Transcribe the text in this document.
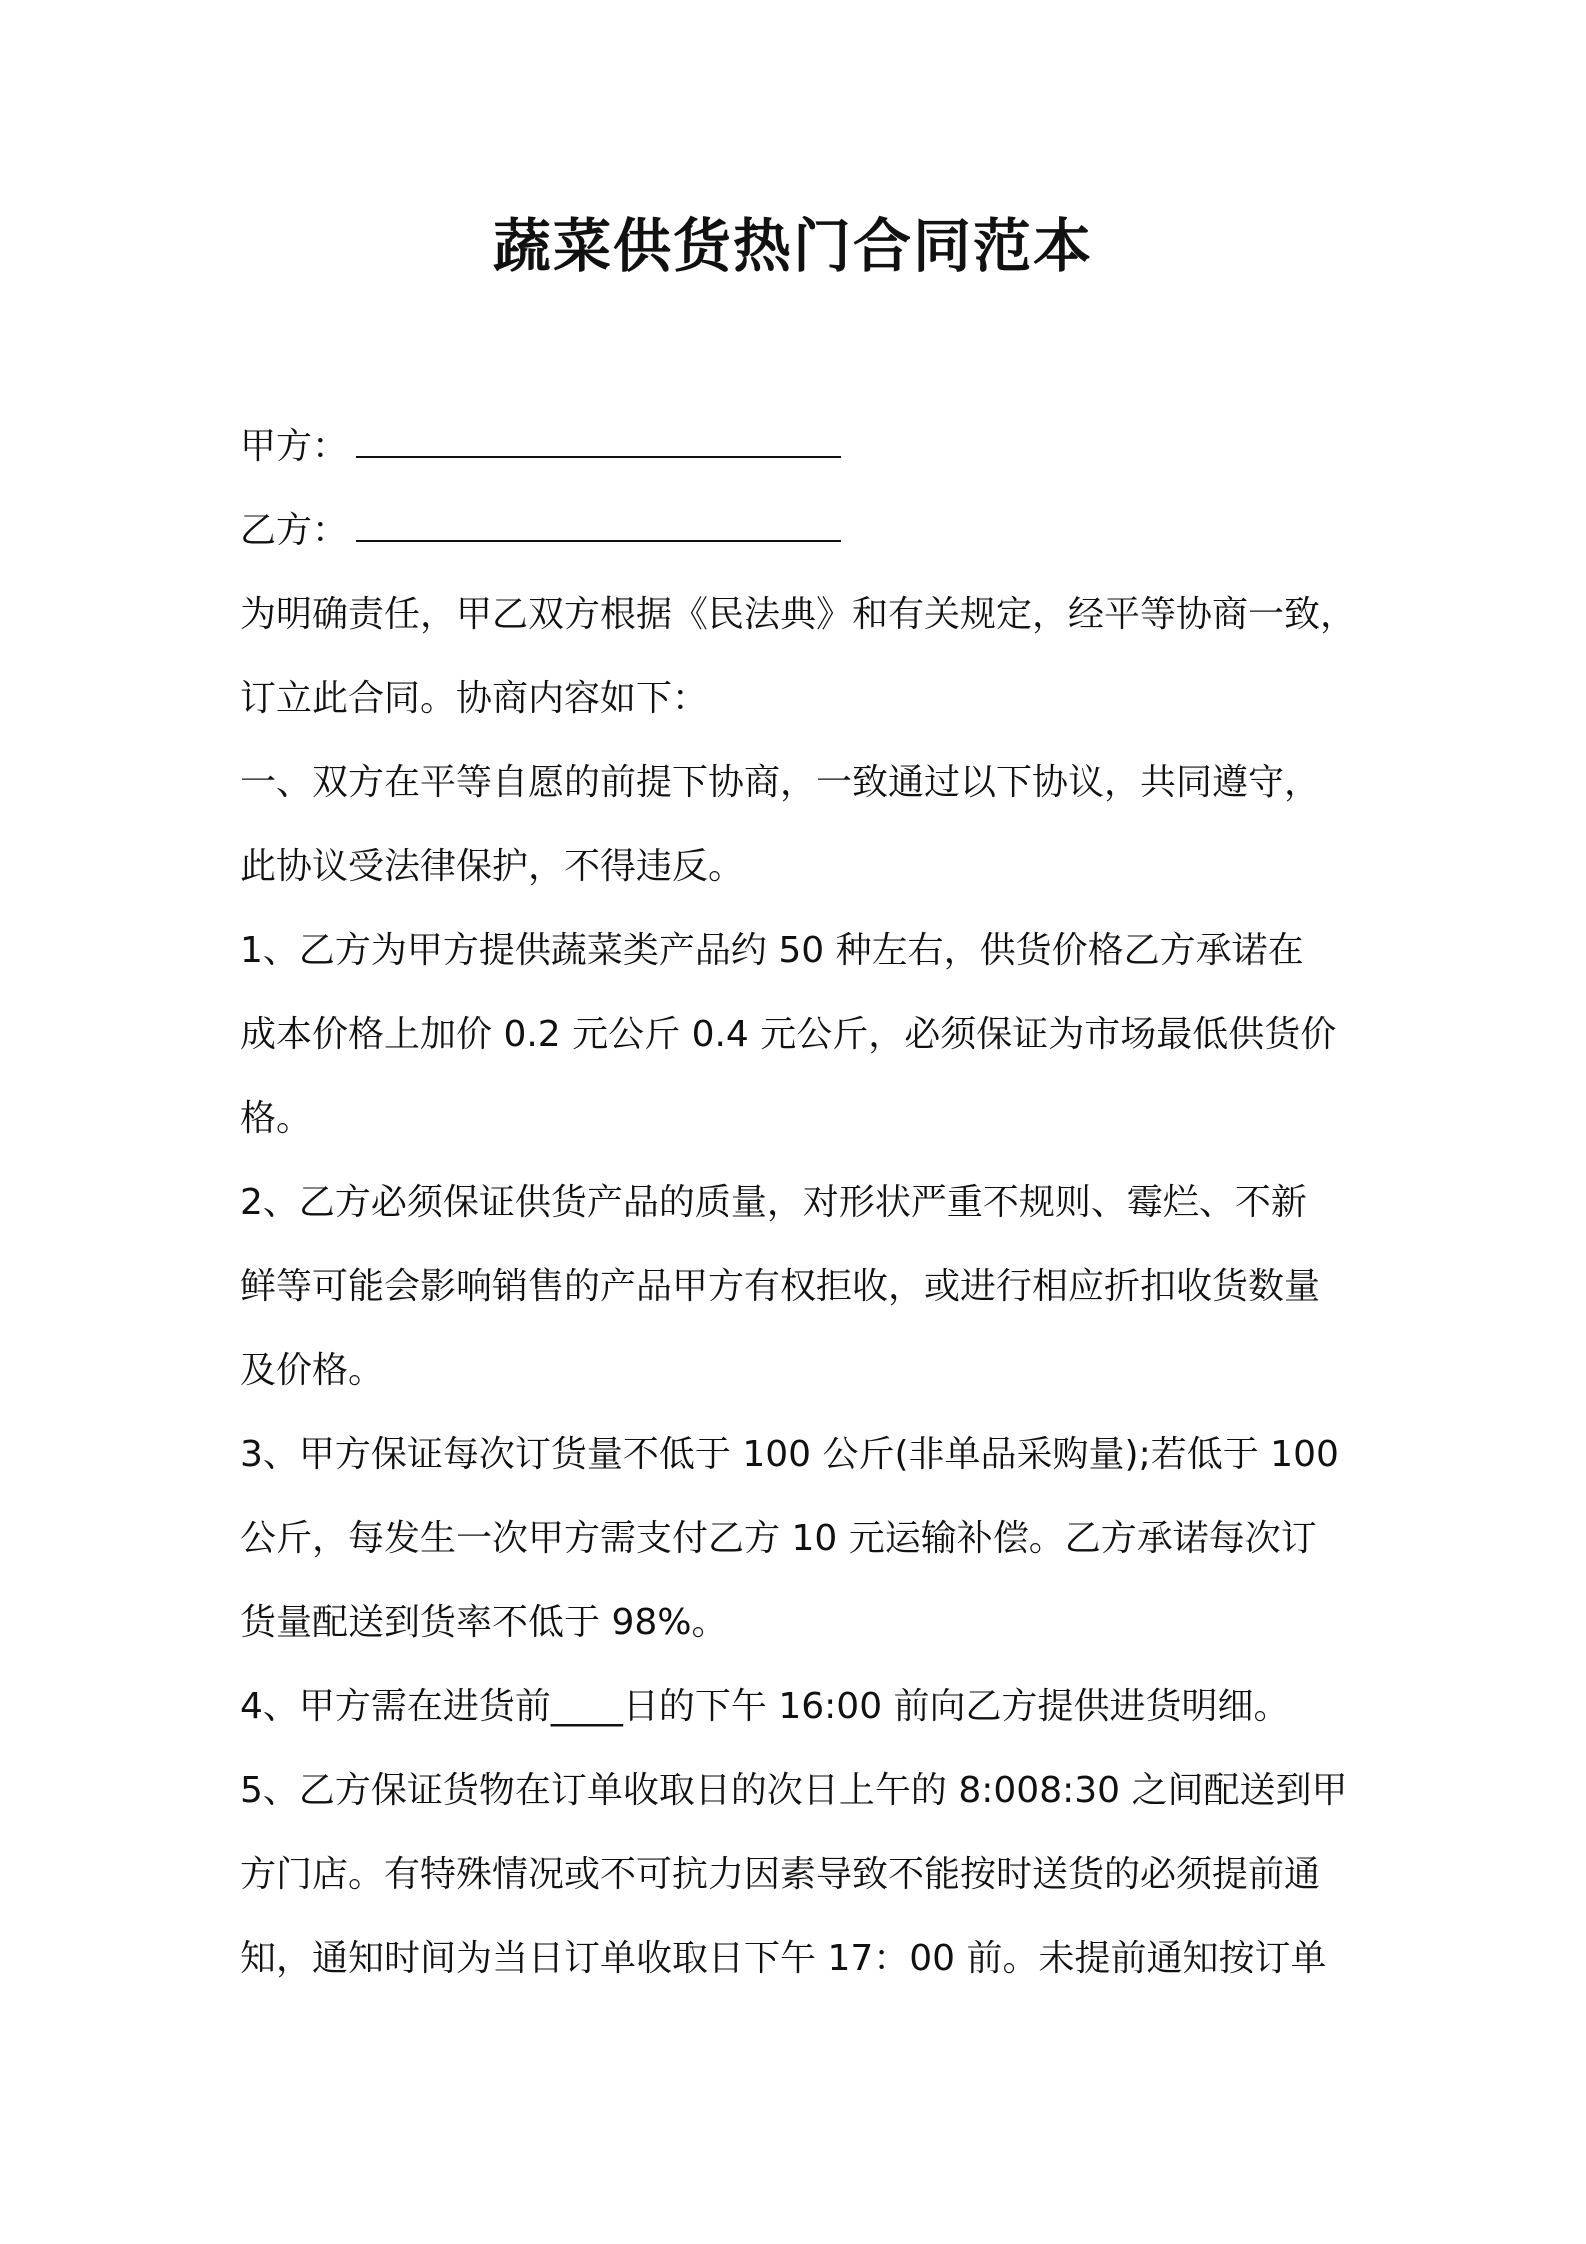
蔬菜供货热门合同范本
甲方：
乙方：
为明确责任，甲乙双方根据《民法典》和有关规定，经平等协商一致，
订立此合同。协商内容如下：
一、双方在平等自愿的前提下协商，一致通过以下协议，共同遵守，
此协议受法律保护，不得违反。
1、乙方为甲方提供蔬菜类产品约 50 种左右，供货价格乙方承诺在
成本价格上加价 0.2 元公斤 0.4 元公斤，必须保证为市场最低供货价
格。
2、乙方必须保证供货产品的质量，对形状严重不规则、霉烂、不新
鲜等可能会影响销售的产品甲方有权拒收，或进行相应折扣收货数量
及价格。
3、甲方保证每次订货量不低于 100 公斤(非单品采购量);若低于 100
公斤，每发生一次甲方需支付乙方 10 元运输补偿。乙方承诺每次订
货量配送到货率不低于 98%。
4、甲方需在进货前____日的下午 16:00 前向乙方提供进货明细。
5、乙方保证货物在订单收取日的次日上午的 8:008:30 之间配送到甲
方门店。有特殊情况或不可抗力因素导致不能按时送货的必须提前通
知，通知时间为当日订单收取日下午 17：00 前。未提前通知按订单
